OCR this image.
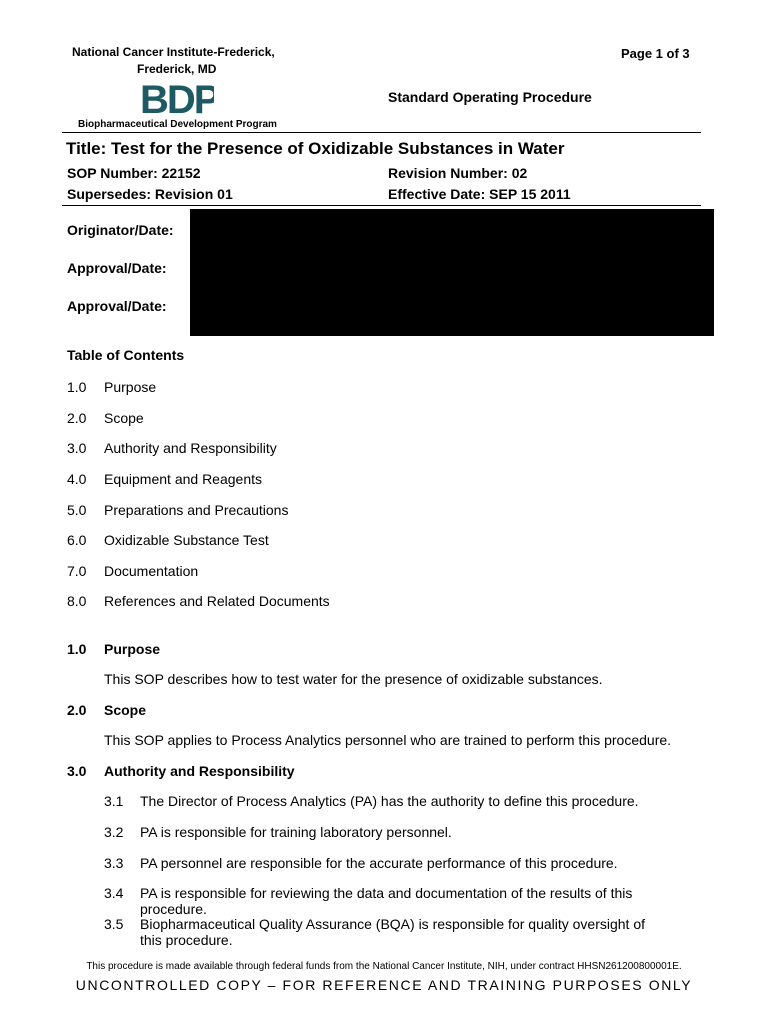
National Cancer Institute-Frederick,
Frederick, MD
BDP
Biopharmaceutical Development Program
Page 1 of 3
Standard Operating Procedure
Title: Test for the Presence of Oxidizable Substances in Water
SOP Number: 22152	Revision Number: 02
Supersedes: Revision 01	Effective Date: SEP 15 2011
Originator/Date:
Approval/Date:
Approval/Date:
Table of Contents
1.0 Purpose
2.0 Scope
3.0 Authority and Responsibility
4.0 Equipment and Reagents
5.0 Preparations and Precautions
6.0 Oxidizable Substance Test
7.0 Documentation
8.0 References and Related Documents
1.0 Purpose
This SOP describes how to test water for the presence of oxidizable substances.
2.0 Scope
This SOP applies to Process Analytics personnel who are trained to perform this procedure.
3.0 Authority and Responsibility
3.1 The Director of Process Analytics (PA) has the authority to define this procedure.
3.2 PA is responsible for training laboratory personnel.
3.3 PA personnel are responsible for the accurate performance of this procedure.
3.4 PA is responsible for reviewing the data and documentation of the results of this procedure.
3.5 Biopharmaceutical Quality Assurance (BQA) is responsible for quality oversight of this procedure.
This procedure is made available through federal funds from the National Cancer Institute, NIH, under contract HHSN261200800001E.
UNCONTROLLED COPY – FOR REFERENCE AND TRAINING PURPOSES ONLY
